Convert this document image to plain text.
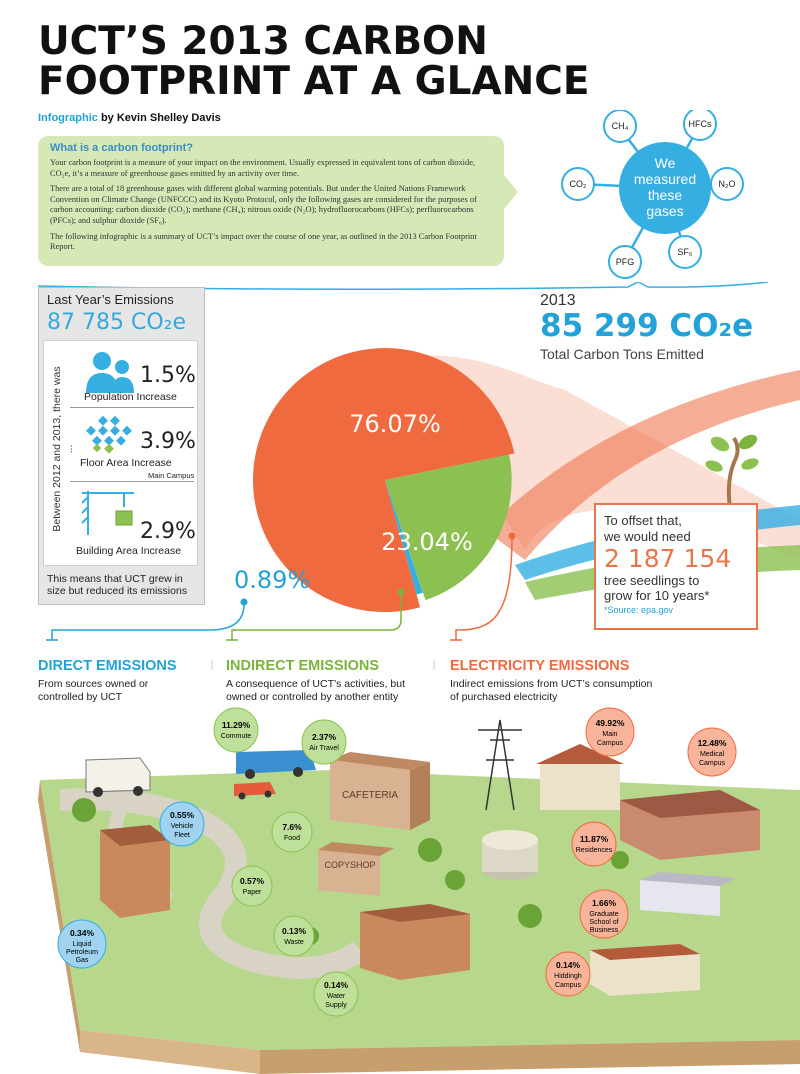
UCT’S 2013 CARBON
FOOTPRINT AT A GLANCE
Infographic by Kevin Shelley Davis
What is a carbon footprint?

Your carbon footprint is a measure of your impact on the environment. Usually expressed in equivalent tons of carbon dioxide, CO₂e, it’s a measure of greenhouse gases emitted by an activity over time.

There are a total of 18 greenhouse gases with different global warming potentials. But under the United Nations Framework Convention on Climate Change (UNFCCC) and its Kyoto Protocol, only the following gases are considered for the purposes of carbon accounting: carbon dioxide (CO₂); methane (CH₄); nitrous oxide (N₂O); hydrofluorocarbons (HFCs); perfluorocarbons (PFCs); and sulphur dioxide (SF₆).

The following infographic is a summary of UCT’s impact over the course of one year, as outlined in the 2013 Carbon Footprint Report.

We
measured
these
gases
CH₄	HFCs
N₂O
SF₆
PFG
CO₂
Last Year’s Emissions
87 785 CO₂e
Between 2012 and 2013, there was ...
1.5%
Population Increase
3.9%
Floor Area Increase
Main Campus
2.9%
Building Area Increase
This means that UCT grew in size but reduced its emissions
2013
85 299 CO₂e
Total Carbon Tons Emitted
76.07%
23.04%
To offset that,
we would need
2 187 154
tree seedlings to
grow for 10 years*
*Source: epa.gov
0.89%
DIRECT EMISSIONS
From sources owned or
controlled by UCT
INDIRECT EMISSIONS
A consequence of UCT’s activities, but
owned or controlled by another entity
ELECTRICITY EMISSIONS
Indirect emissions from UCT’s consumption
of purchased electricity
CAFETERIA
COPYSHOP
11.29%
Commute	2.37%
Air Travel
0.55%
Vehicle
Fleet
7.6%
Food
0.57%
Paper
0.34%
Liquid
Petroleum
Gas
0.13%
Waste
0.14%
Water
Supply
49.92%
Main
Campus	12.48%
Medical
Campus
11.87%
Residences
1.66%
Graduate
School of
Business
0.14%
Hiddingh
Campus
